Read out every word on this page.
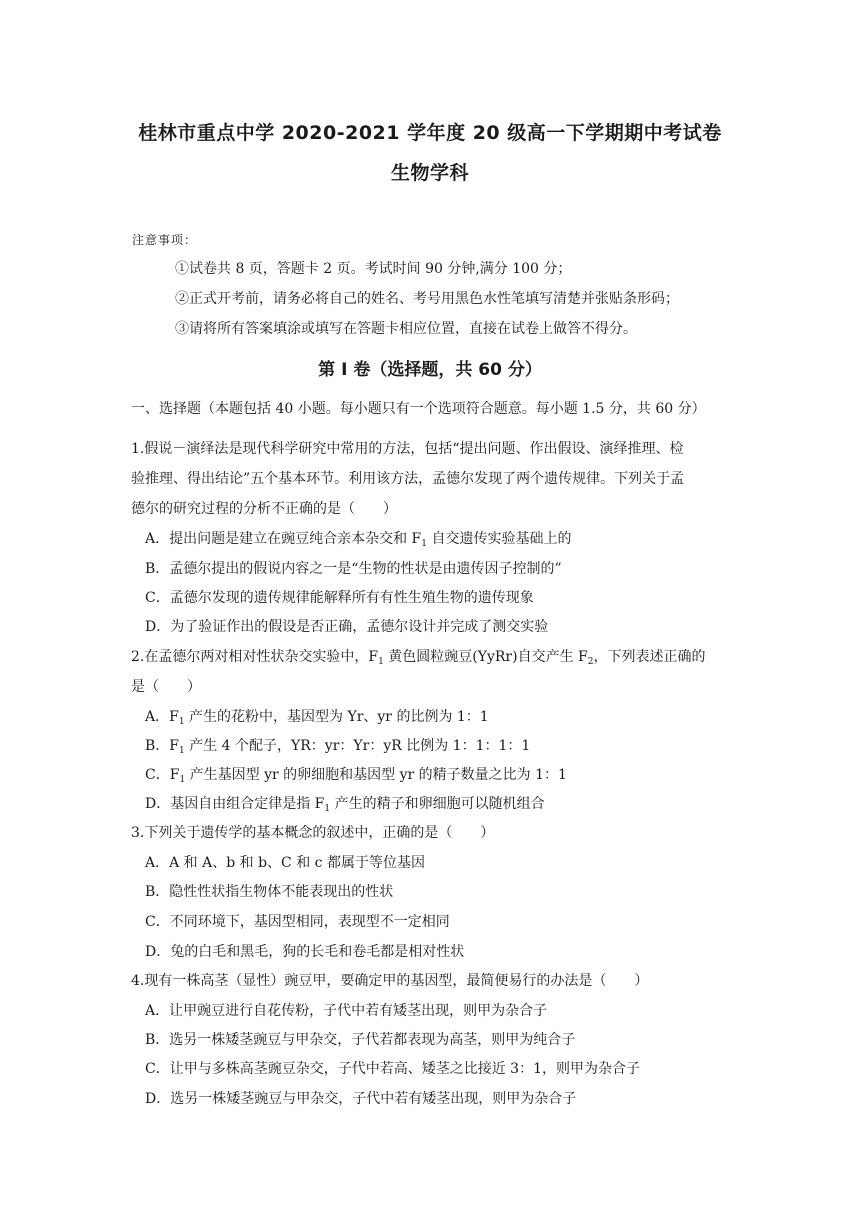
桂林市重点中学 2020-2021 学年度 20 级高一下学期期中考试卷
生物学科
注意事项：
①试卷共 8 页，答题卡 2 页。考试时间 90 分钟,满分 100 分；
②正式开考前，请务必将自己的姓名、考号用黑色水性笔填写清楚并张贴条形码；
③请将所有答案填涂或填写在答题卡相应位置，直接在试卷上做答不得分。
第 I 卷（选择题，共 60 分）
一、选择题（本题包括 40 小题。每小题只有一个选项符合题意。每小题 1.5 分，共 60 分）
1.假说－演绎法是现代科学研究中常用的方法，包括“提出问题、作出假设、演绎推理、检
验推理、得出结论”五个基本环节。利用该方法，孟德尔发现了两个遗传规律。下列关于孟
德尔的研究过程的分析不正确的是（　　）
A．提出问题是建立在豌豆纯合亲本杂交和 $F_1$ 自交遗传实验基础上的
B．孟德尔提出的假说内容之一是“生物的性状是由遗传因子控制的”
C．孟德尔发现的遗传规律能解释所有有性生殖生物的遗传现象
D．为了验证作出的假设是否正确，孟德尔设计并完成了测交实验
2.在孟德尔两对相对性状杂交实验中，$F_1$ 黄色圆粒豌豆(YyRr)自交产生 $F_2$，下列表述正确的
是（　　）
A．$F_1$ 产生的花粉中，基因型为 Yr、yr 的比例为 1：1
B．$F_1$ 产生 4 个配子，YR：yr：Yr：yR 比例为 1：1：1：1
C．$F_1$ 产生基因型 yr 的卵细胞和基因型 yr 的精子数量之比为 1：1
D．基因自由组合定律是指 $F_1$ 产生的精子和卵细胞可以随机组合
3.下列关于遗传学的基本概念的叙述中，正确的是（　　）
A．A 和 A、b 和 b、C 和 c 都属于等位基因
B．隐性性状指生物体不能表现出的性状
C．不同环境下，基因型相同，表现型不一定相同
D．兔的白毛和黑毛，狗的长毛和卷毛都是相对性状
4.现有一株高茎（显性）豌豆甲，要确定甲的基因型，最简便易行的办法是（　　）
A．让甲豌豆进行自花传粉，子代中若有矮茎出现，则甲为杂合子
B．选另一株矮茎豌豆与甲杂交，子代若都表现为高茎，则甲为纯合子
C．让甲与多株高茎豌豆杂交，子代中若高、矮茎之比接近 3：1，则甲为杂合子
D．选另一株矮茎豌豆与甲杂交，子代中若有矮茎出现，则甲为杂合子
